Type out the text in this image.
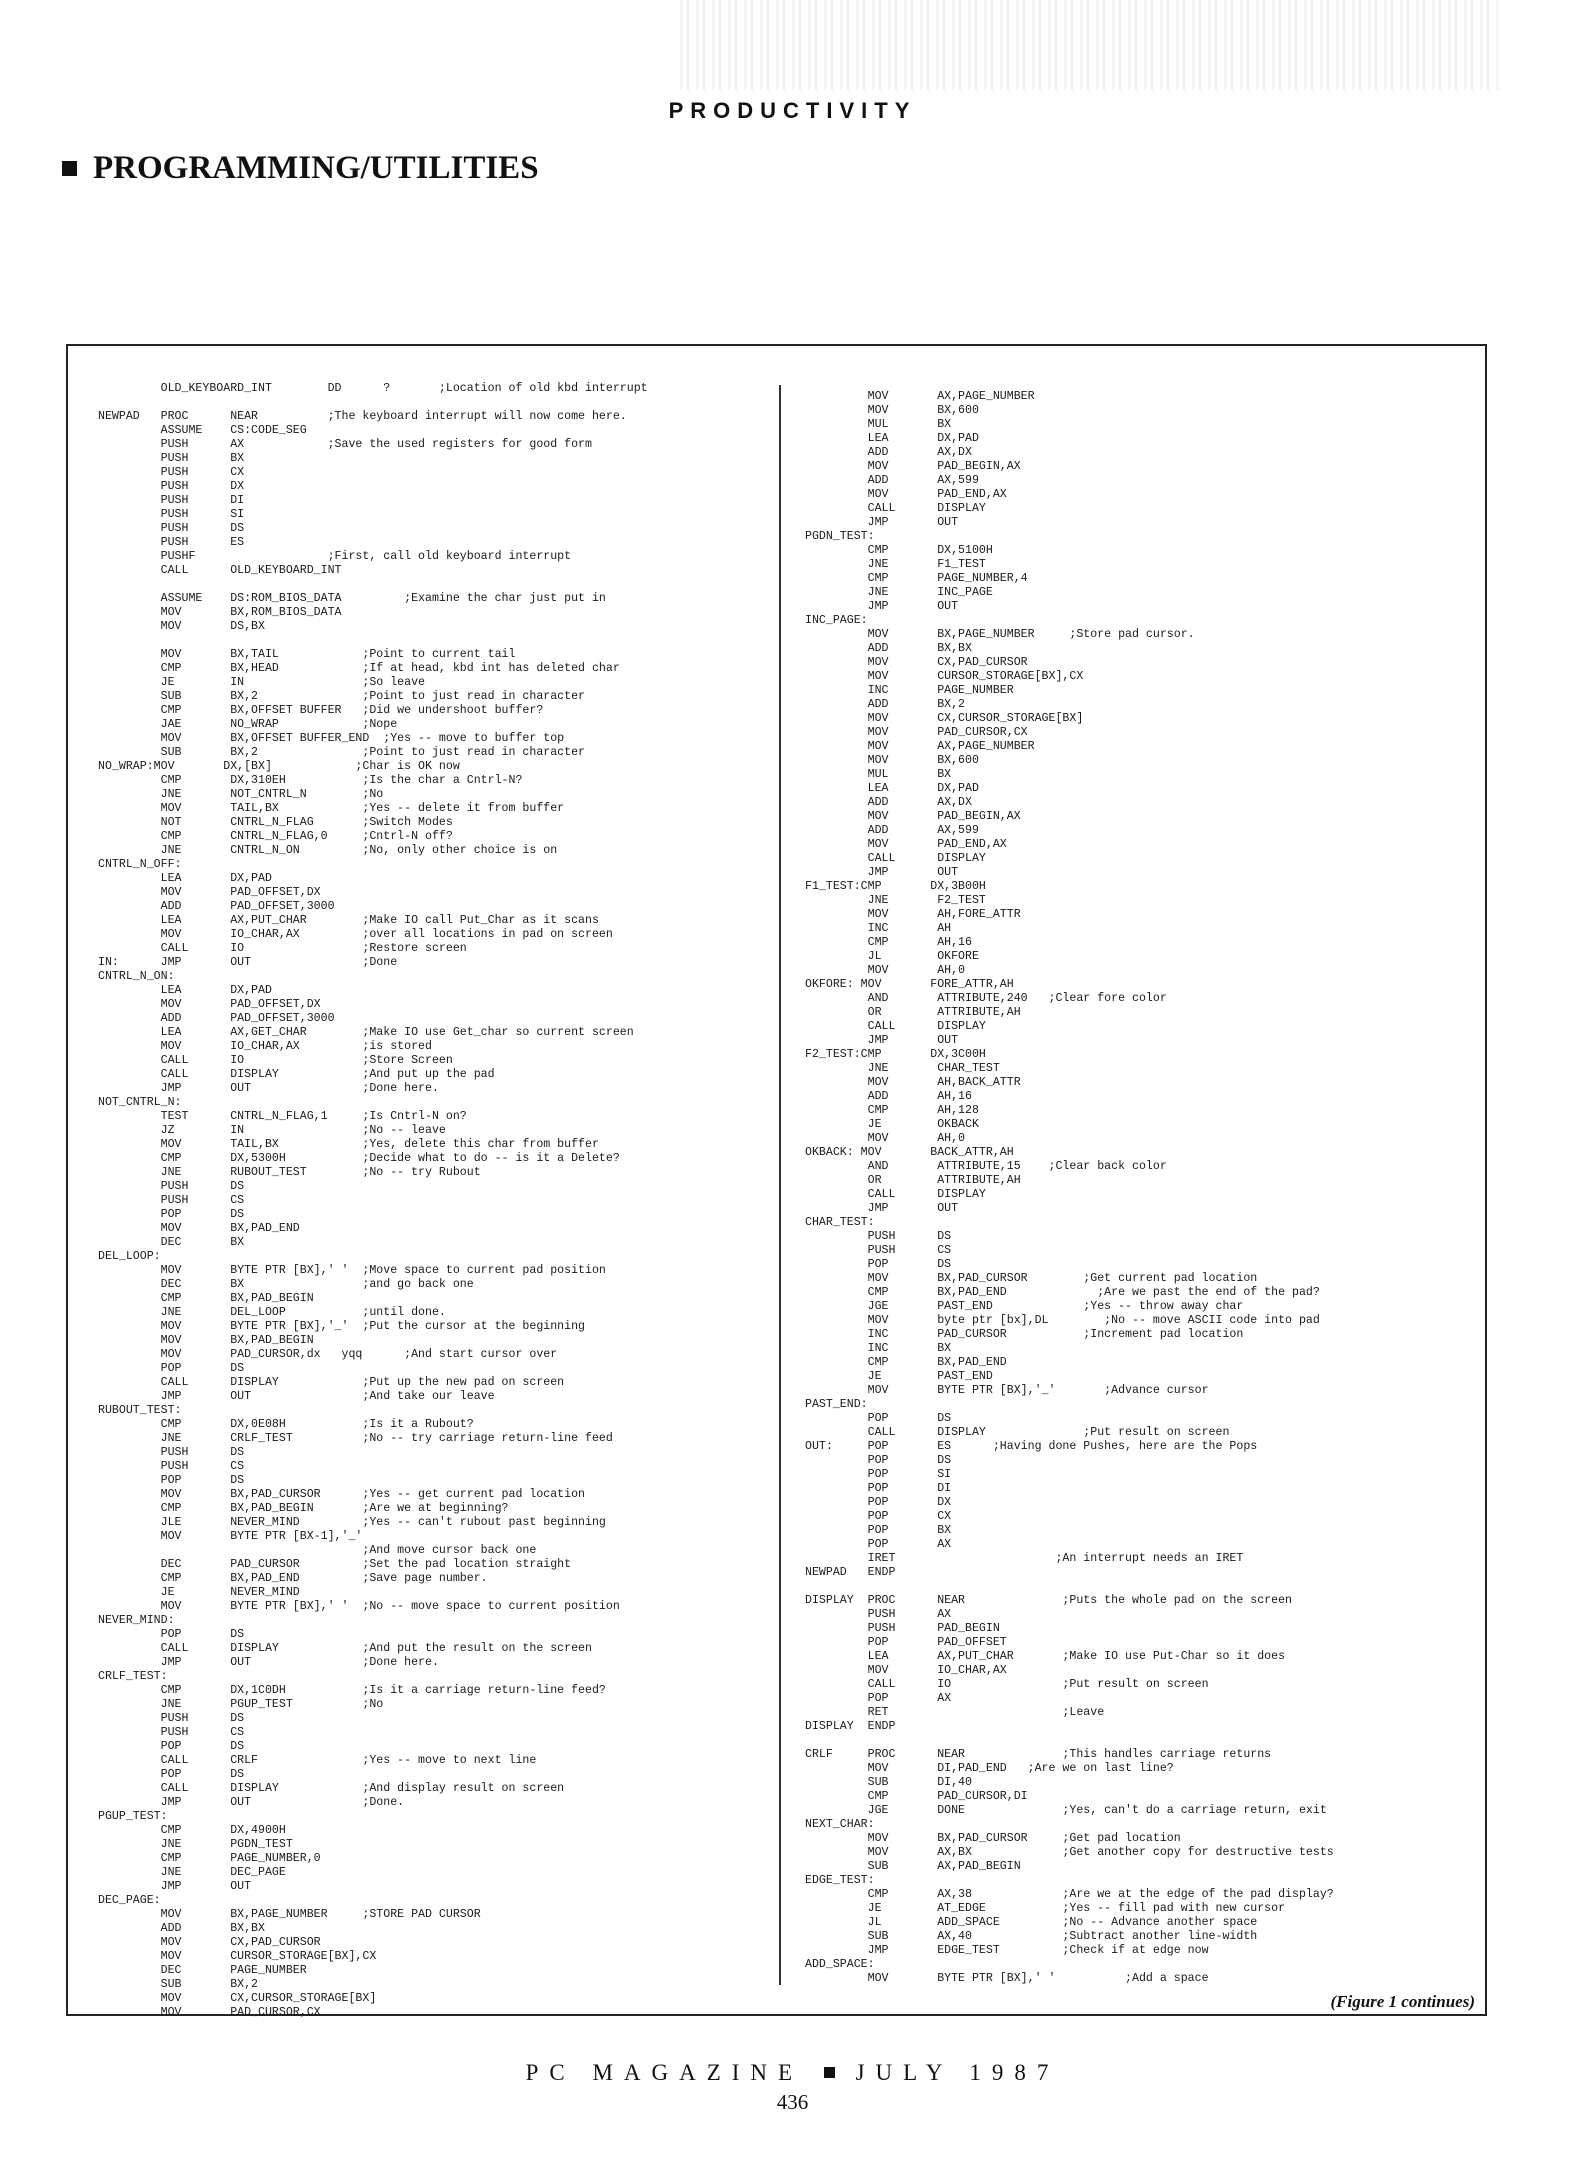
PRODUCTIVITY
PROGRAMMING/UTILITIES
OLD_KEYBOARD_INT        DD      ?       ;Location of old kbd interrupt

NEWPAD   PROC      NEAR          ;The keyboard interrupt will now come here.
ASSUME    CS:CODE_SEG
PUSH      AX            ;Save the used registers for good form
PUSH      BX
PUSH      CX
PUSH      DX
PUSH      DI
PUSH      SI
PUSH      DS
PUSH      ES
PUSHF                   ;First, call old keyboard interrupt
CALL      OLD_KEYBOARD_INT

ASSUME    DS:ROM_BIOS_DATA         ;Examine the char just put in
MOV       BX,ROM_BIOS_DATA
MOV       DS,BX

MOV       BX,TAIL            ;Point to current tail
CMP       BX,HEAD            ;If at head, kbd int has deleted char
JE        IN                 ;So leave
SUB       BX,2               ;Point to just read in character
CMP       BX,OFFSET BUFFER   ;Did we undershoot buffer?
JAE       NO_WRAP            ;Nope
MOV       BX,OFFSET BUFFER_END  ;Yes -- move to buffer top
SUB       BX,2               ;Point to just read in character
NO_WRAP:MOV       DX,[BX]            ;Char is OK now
CMP       DX,310EH           ;Is the char a Cntrl-N?
JNE       NOT_CNTRL_N        ;No
MOV       TAIL,BX            ;Yes -- delete it from buffer
NOT       CNTRL_N_FLAG       ;Switch Modes
CMP       CNTRL_N_FLAG,0     ;Cntrl-N off?
JNE       CNTRL_N_ON         ;No, only other choice is on
CNTRL_N_OFF:
LEA       DX,PAD
MOV       PAD_OFFSET,DX
ADD       PAD_OFFSET,3000
LEA       AX,PUT_CHAR        ;Make IO call Put_Char as it scans
MOV       IO_CHAR,AX         ;over all locations in pad on screen
CALL      IO                 ;Restore screen
IN:      JMP       OUT                ;Done
CNTRL_N_ON:
LEA       DX,PAD
MOV       PAD_OFFSET,DX
ADD       PAD_OFFSET,3000
LEA       AX,GET_CHAR        ;Make IO use Get_char so current screen
MOV       IO_CHAR,AX         ;is stored
CALL      IO                 ;Store Screen
CALL      DISPLAY            ;And put up the pad
JMP       OUT                ;Done here.
NOT_CNTRL_N:
TEST      CNTRL_N_FLAG,1     ;Is Cntrl-N on?
JZ        IN                 ;No -- leave
MOV       TAIL,BX            ;Yes, delete this char from buffer
CMP       DX,5300H           ;Decide what to do -- is it a Delete?
JNE       RUBOUT_TEST        ;No -- try Rubout
PUSH      DS
PUSH      CS
POP       DS
MOV       BX,PAD_END
DEC       BX
DEL_LOOP:
MOV       BYTE PTR [BX],' '  ;Move space to current pad position
DEC       BX                 ;and go back one
CMP       BX,PAD_BEGIN
JNE       DEL_LOOP           ;until done.
MOV       BYTE PTR [BX],'_'  ;Put the cursor at the beginning
MOV       BX,PAD_BEGIN
MOV       PAD_CURSOR,dx   yqq      ;And start cursor over
POP       DS
CALL      DISPLAY            ;Put up the new pad on screen
JMP       OUT                ;And take our leave
RUBOUT_TEST:
CMP       DX,0E08H           ;Is it a Rubout?
JNE       CRLF_TEST          ;No -- try carriage return-line feed
PUSH      DS
PUSH      CS
POP       DS
MOV       BX,PAD_CURSOR      ;Yes -- get current pad location
CMP       BX,PAD_BEGIN       ;Are we at beginning?
JLE       NEVER_MIND         ;Yes -- can't rubout past beginning
MOV       BYTE PTR [BX-1],'_'
;And move cursor back one
DEC       PAD_CURSOR         ;Set the pad location straight
CMP       BX,PAD_END         ;Save page number.
JE        NEVER_MIND
MOV       BYTE PTR [BX],' '  ;No -- move space to current position
NEVER_MIND:
POP       DS
CALL      DISPLAY            ;And put the result on the screen
JMP       OUT                ;Done here.
CRLF_TEST:
CMP       DX,1C0DH           ;Is it a carriage return-line feed?
JNE       PGUP_TEST          ;No
PUSH      DS
PUSH      CS
POP       DS
CALL      CRLF               ;Yes -- move to next line
POP       DS
CALL      DISPLAY            ;And display result on screen
JMP       OUT                ;Done.
PGUP_TEST:
CMP       DX,4900H
JNE       PGDN_TEST
CMP       PAGE_NUMBER,0
JNE       DEC_PAGE
JMP       OUT
DEC_PAGE:
MOV       BX,PAGE_NUMBER     ;STORE PAD CURSOR
ADD       BX,BX
MOV       CX,PAD_CURSOR
MOV       CURSOR_STORAGE[BX],CX
DEC       PAGE_NUMBER
SUB       BX,2
MOV       CX,CURSOR_STORAGE[BX]
MOV       PAD_CURSOR,CX
MOV       AX,PAGE_NUMBER
MOV       BX,600
MUL       BX
LEA       DX,PAD
ADD       AX,DX
MOV       PAD_BEGIN,AX
ADD       AX,599
MOV       PAD_END,AX
CALL      DISPLAY
JMP       OUT
PGDN_TEST:
CMP       DX,5100H
JNE       F1_TEST
CMP       PAGE_NUMBER,4
JNE       INC_PAGE
JMP       OUT
INC_PAGE:
MOV       BX,PAGE_NUMBER     ;Store pad cursor.
ADD       BX,BX
MOV       CX,PAD_CURSOR
MOV       CURSOR_STORAGE[BX],CX
INC       PAGE_NUMBER
ADD       BX,2
MOV       CX,CURSOR_STORAGE[BX]
MOV       PAD_CURSOR,CX
MOV       AX,PAGE_NUMBER
MOV       BX,600
MUL       BX
LEA       DX,PAD
ADD       AX,DX
MOV       PAD_BEGIN,AX
ADD       AX,599
MOV       PAD_END,AX
CALL      DISPLAY
JMP       OUT
F1_TEST:CMP       DX,3B00H
JNE       F2_TEST
MOV       AH,FORE_ATTR
INC       AH
CMP       AH,16
JL        OKFORE
MOV       AH,0
OKFORE: MOV       FORE_ATTR,AH
AND       ATTRIBUTE,240   ;Clear fore color
OR        ATTRIBUTE,AH
CALL      DISPLAY
JMP       OUT
F2_TEST:CMP       DX,3C00H
JNE       CHAR_TEST
MOV       AH,BACK_ATTR
ADD       AH,16
CMP       AH,128
JE        OKBACK
MOV       AH,0
OKBACK: MOV       BACK_ATTR,AH
AND       ATTRIBUTE,15    ;Clear back color
OR        ATTRIBUTE,AH
CALL      DISPLAY
JMP       OUT
CHAR_TEST:
PUSH      DS
PUSH      CS
POP       DS
MOV       BX,PAD_CURSOR        ;Get current pad location
CMP       BX,PAD_END             ;Are we past the end of the pad?
JGE       PAST_END             ;Yes -- throw away char
MOV       byte ptr [bx],DL        ;No -- move ASCII code into pad
INC       PAD_CURSOR           ;Increment pad location
INC       BX
CMP       BX,PAD_END
JE        PAST_END
MOV       BYTE PTR [BX],'_'       ;Advance cursor
PAST_END:
POP       DS
CALL      DISPLAY              ;Put result on screen
OUT:     POP       ES      ;Having done Pushes, here are the Pops
POP       DS
POP       SI
POP       DI
POP       DX
POP       CX
POP       BX
POP       AX
IRET                       ;An interrupt needs an IRET
NEWPAD   ENDP

DISPLAY  PROC      NEAR              ;Puts the whole pad on the screen
PUSH      AX
PUSH      PAD_BEGIN
POP       PAD_OFFSET
LEA       AX,PUT_CHAR       ;Make IO use Put-Char so it does
MOV       IO_CHAR,AX
CALL      IO                ;Put result on screen
POP       AX
RET                         ;Leave
DISPLAY  ENDP

CRLF     PROC      NEAR              ;This handles carriage returns
MOV       DI,PAD_END   ;Are we on last line?
SUB       DI,40
CMP       PAD_CURSOR,DI
JGE       DONE              ;Yes, can't do a carriage return, exit
NEXT_CHAR:
MOV       BX,PAD_CURSOR     ;Get pad location
MOV       AX,BX             ;Get another copy for destructive tests
SUB       AX,PAD_BEGIN
EDGE_TEST:
CMP       AX,38             ;Are we at the edge of the pad display?
JE        AT_EDGE           ;Yes -- fill pad with new cursor
JL        ADD_SPACE         ;No -- Advance another space
SUB       AX,40             ;Subtract another line-width
JMP       EDGE_TEST         ;Check if at edge now
ADD_SPACE:
MOV       BYTE PTR [BX],' '          ;Add a space
(Figure 1 continues)
PC MAGAZINE JULY 1987
436
